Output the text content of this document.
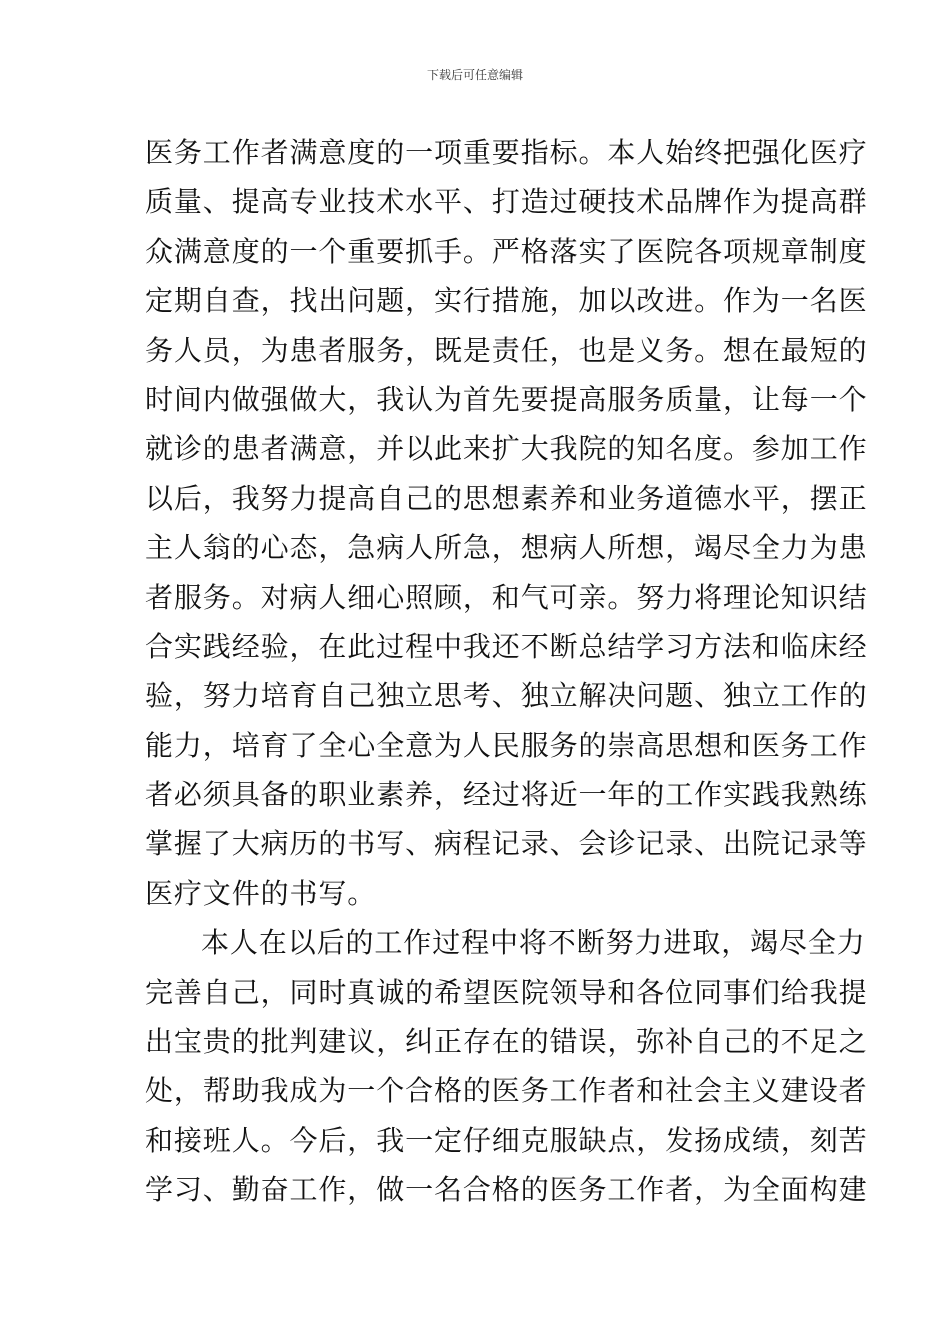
下载后可任意编辑
医务工作者满意度的一项重要指标。本人始终把强化医疗
质量、提高专业技术水平、打造过硬技术品牌作为提高群
众满意度的一个重要抓手。严格落实了医院各项规章制度
定期自查，找出问题，实行措施，加以改进。作为一名医
务人员，为患者服务，既是责任，也是义务。想在最短的
时间内做强做大，我认为首先要提高服务质量，让每一个
就诊的患者满意，并以此来扩大我院的知名度。参加工作
以后，我努力提高自己的思想素养和业务道德水平，摆正
主人翁的心态，急病人所急，想病人所想，竭尽全力为患
者服务。对病人细心照顾，和气可亲。努力将理论知识结
合实践经验，在此过程中我还不断总结学习方法和临床经
验，努力培育自己独立思考、独立解决问题、独立工作的
能力，培育了全心全意为人民服务的崇高思想和医务工作
者必须具备的职业素养，经过将近一年的工作实践我熟练
掌握了大病历的书写、病程记录、会诊记录、出院记录等
医疗文件的书写。
本人在以后的工作过程中将不断努力进取，竭尽全力
完善自己，同时真诚的希望医院领导和各位同事们给我提
出宝贵的批判建议，纠正存在的错误，弥补自己的不足之
处，帮助我成为一个合格的医务工作者和社会主义建设者
和接班人。今后，我一定仔细克服缺点，发扬成绩，刻苦
学习、勤奋工作，做一名合格的医务工作者，为全面构建
